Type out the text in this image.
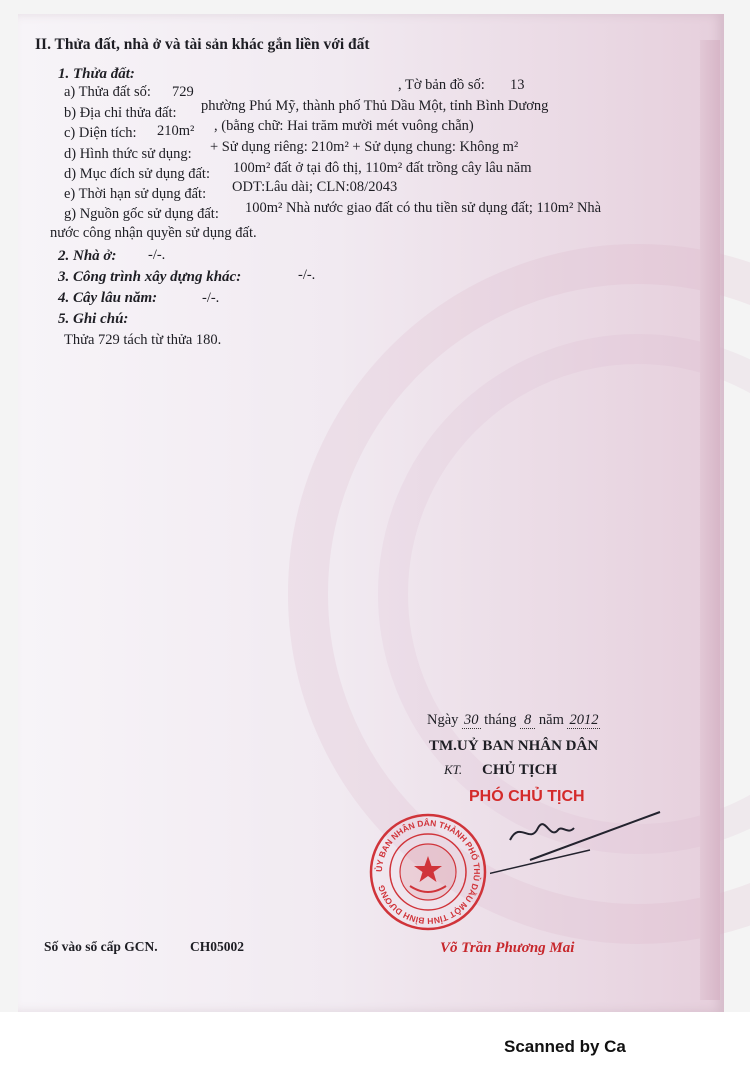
II. Thửa đất, nhà ở và tài sản khác gắn liền với đất
1. Thửa đất:
a) Thửa đất số: 729	, Tờ bản đồ số: 13
b) Địa chỉ thửa đất: phường Phú Mỹ, thành phố Thủ Dầu Một, tỉnh Bình Dương
c) Diện tích: 210m² , (bằng chữ: Hai trăm mười mét vuông chẵn)
d) Hình thức sử dụng: + Sử dụng riêng: 210m² + Sử dụng chung: Không m²
d) Mục đích sử dụng đất: 100m² đất ở tại đô thị, 110m² đất trồng cây lâu năm
e) Thời hạn sử dụng đất: ODT:Lâu dài; CLN:08/2043
g) Nguồn gốc sử dụng đất: 100m² Nhà nước giao đất có thu tiền sử dụng đất; 110m² Nhà
nước công nhận quyền sử dụng đất.
2. Nhà ở: -/-.
3. Công trình xây dựng khác:	-/-.
4. Cây lâu năm:	-/-.
5. Ghi chú:
Thửa 729 tách từ thửa 180.
Ngày 30 tháng 8 năm 2012
TM.UỶ BAN NHÂN DÂN
KT. CHỦ TỊCH
PHÓ CHỦ TỊCH
ỦY BAN NHÂN DÂN THÀNH PHỐ THỦ DẦU MỘT TỈNH BÌNH DƯƠNG
Võ Trần Phương Mai
Số vào sổ cấp GCN. CH05002
Scanned by Ca
